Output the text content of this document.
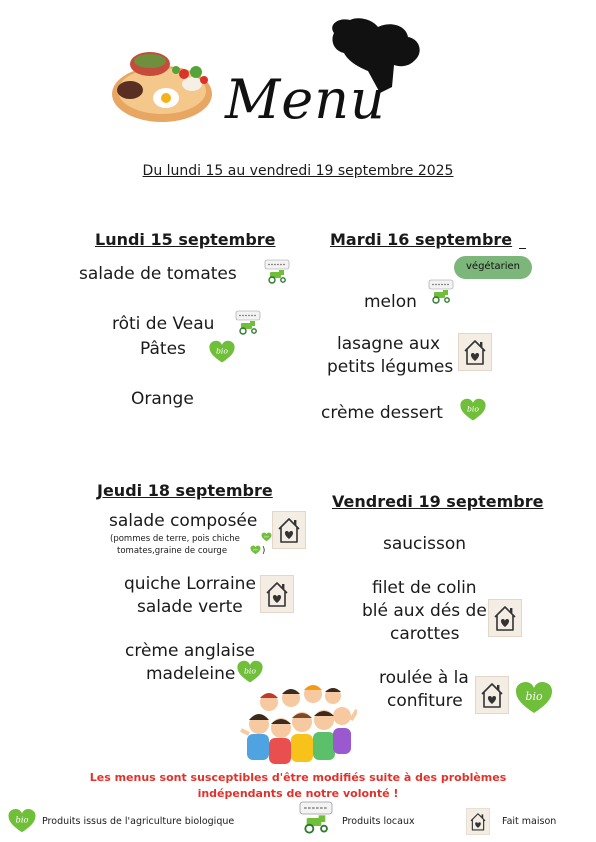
Menu
Du lundi 15 au vendredi 19 septembre 2025
Lundi 15 septembre
salade de tomates
rôti de Veau
Pâtes
Orange
Mardi 16 septembre
végétarien
melon
lasagne aux
petits légumes
crème dessert
Jeudi 18 septembre
salade composée
(pommes de terre, pois chiche
tomates,graine de courge	)
quiche Lorraine
salade verte
crème anglaise
madeleine
Vendredi 19 septembre
saucisson
filet de colin
blé aux dés de
carottes
roulée à la
confiture
Les menus sont susceptibles d'être modifiés suite à des problèmes
indépendants de notre volonté !
Produits issus de l'agriculture biologique	Produits locaux	Fait maison
